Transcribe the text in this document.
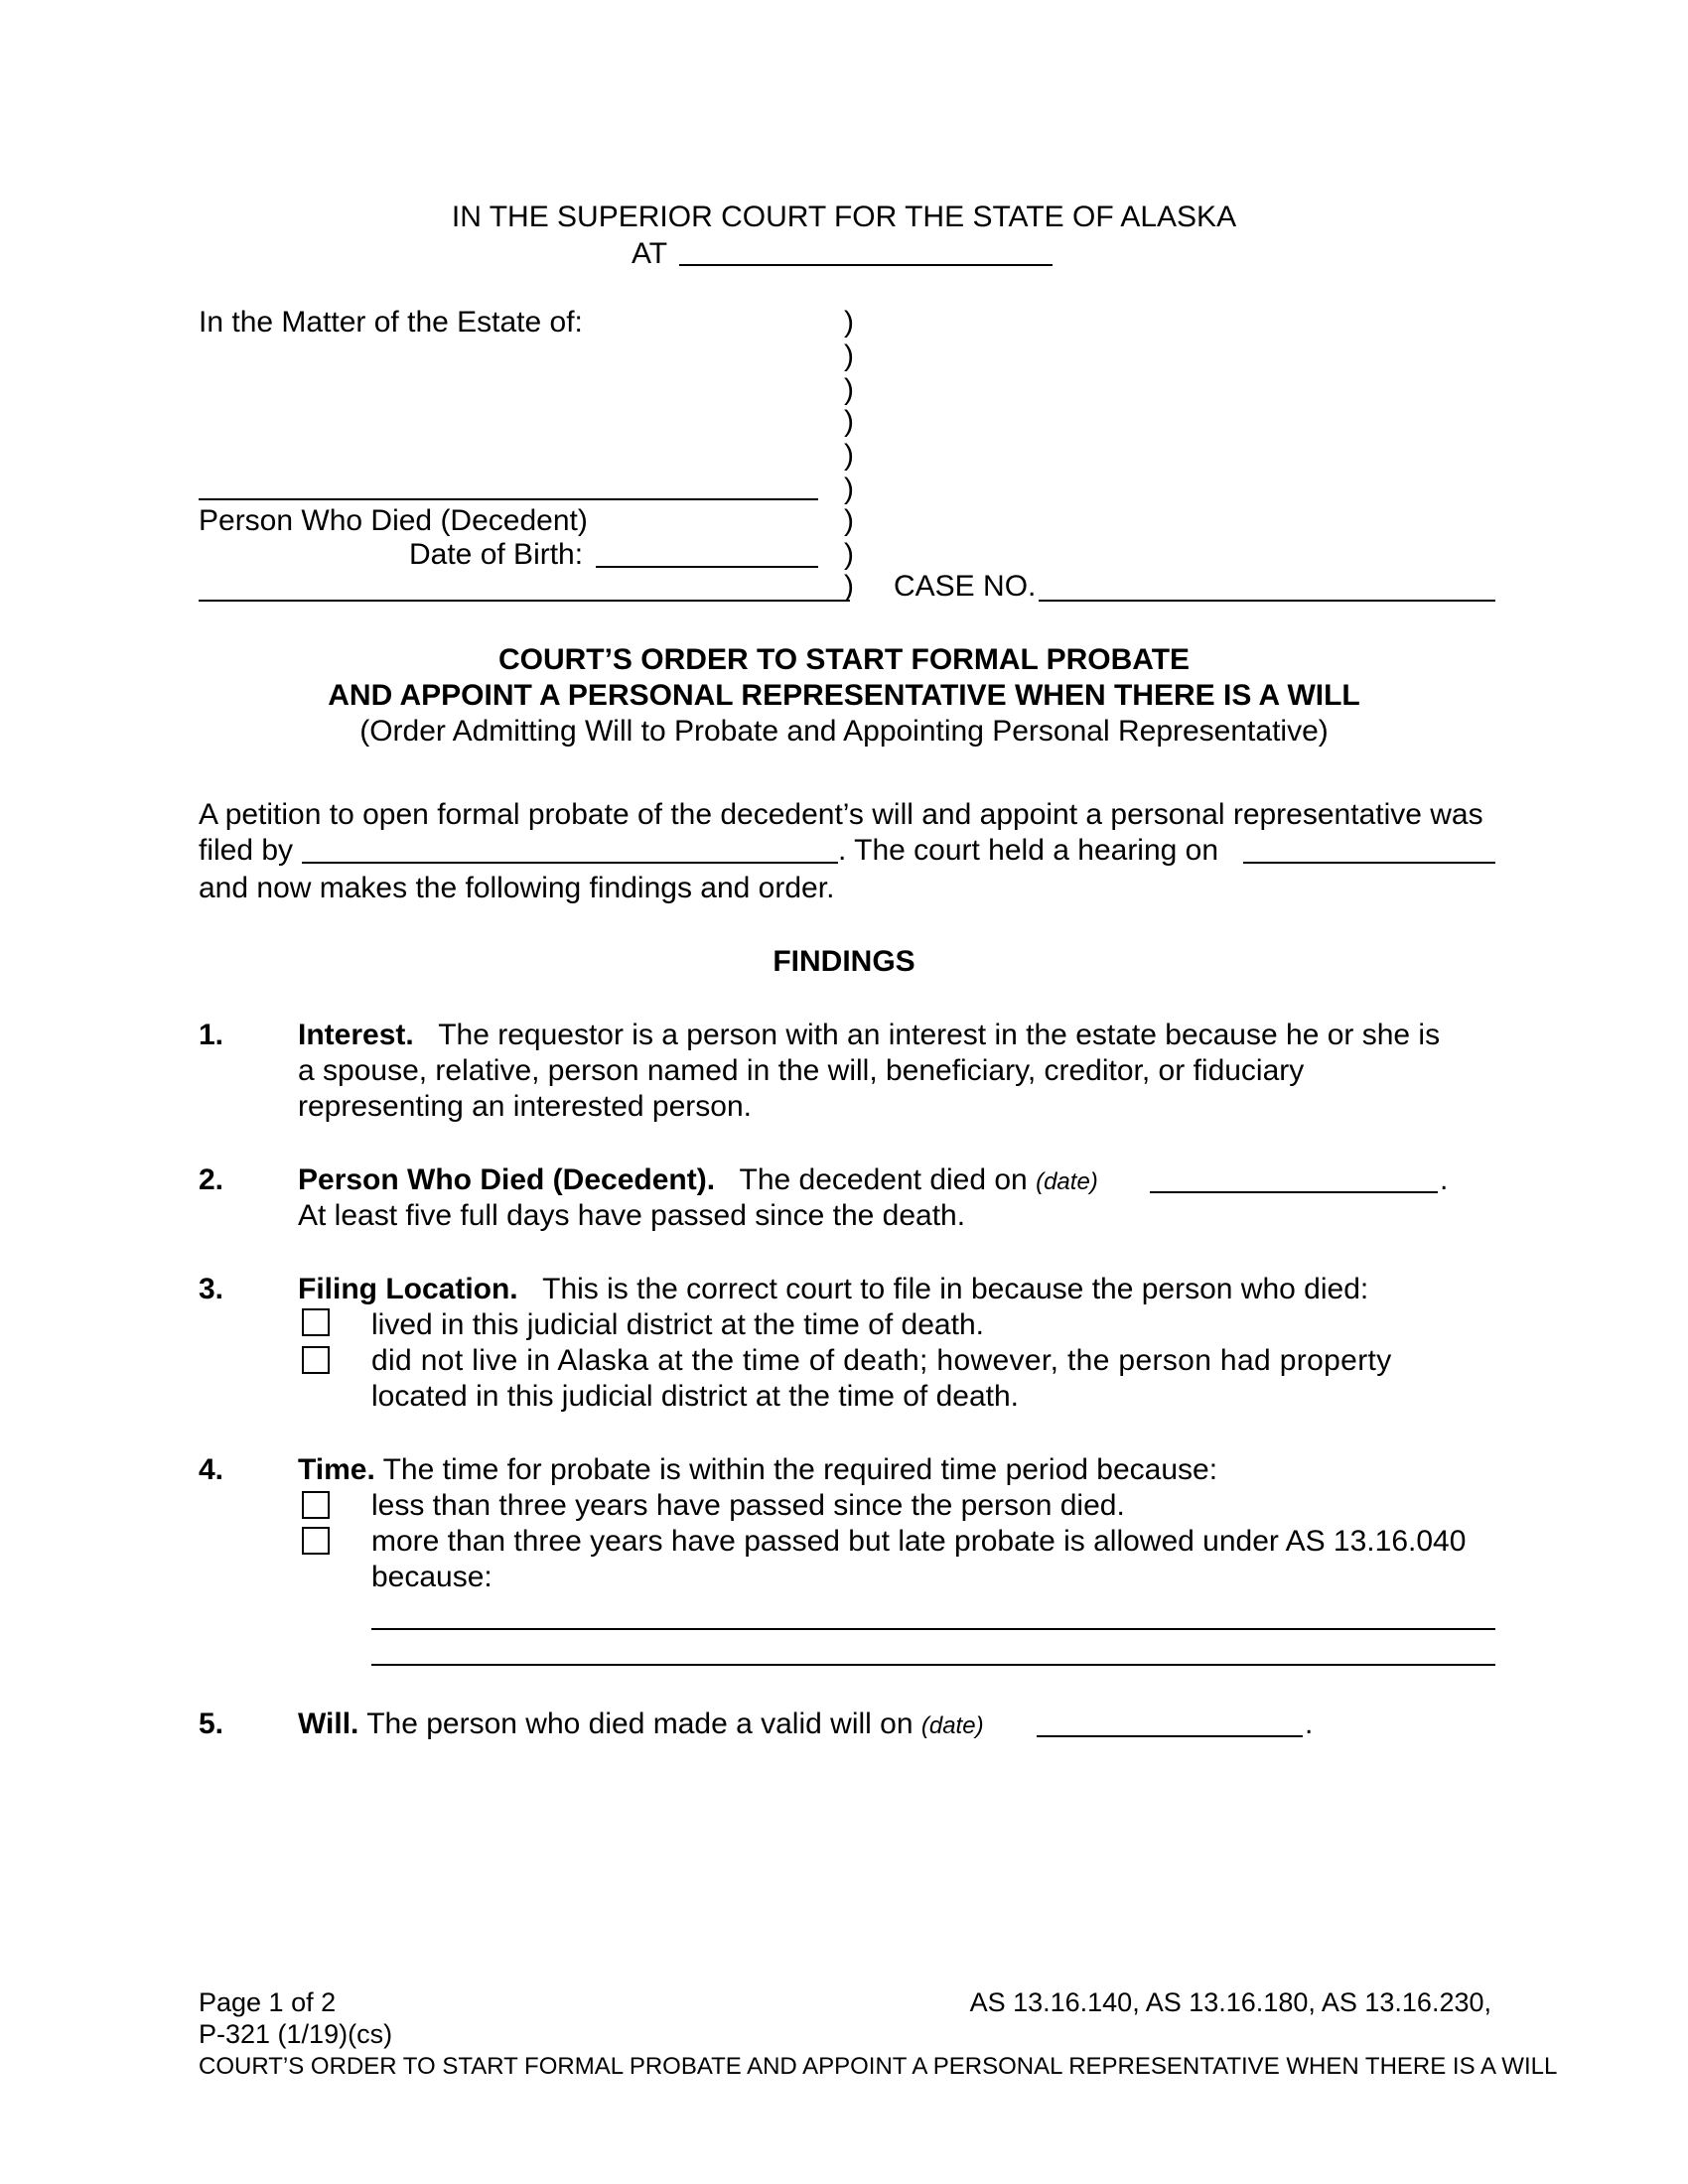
IN THE SUPERIOR COURT FOR THE STATE OF ALASKA
AT
In the Matter of the Estate of:
Person Who Died (Decedent)
Date of Birth:
)
)
)
)
)
)
)
)
) CASE NO.
COURT’S ORDER TO START FORMAL PROBATE
AND APPOINT A PERSONAL REPRESENTATIVE WHEN THERE IS A WILL
(Order Admitting Will to Probate and Appointing Personal Representative)
A petition to open formal probate of the decedent’s will and appoint a personal representative was
filed by	. The court held a hearing on
and now makes the following findings and order.
FINDINGS
1. Interest. The requestor is a person with an interest in the estate because he or she is
a spouse, relative, person named in the will, beneficiary, creditor, or fiduciary
representing an interested person.
2. Person Who Died (Decedent). The decedent died on (date)	.
At least five full days have passed since the death.
3. Filing Location. This is the correct court to file in because the person who died:
lived in this judicial district at the time of death.
did not live in Alaska at the time of death; however, the person had property
located in this judicial district at the time of death.
4. Time. The time for probate is within the required time period because:
less than three years have passed since the person died.
more than three years have passed but late probate is allowed under AS 13.16.040
because:
5. Will. The person who died made a valid will on (date)	.
Page 1 of 2	AS 13.16.140, AS 13.16.180, AS 13.16.230,
P-321 (1/19)(cs)
COURT’S ORDER TO START FORMAL PROBATE AND APPOINT A PERSONAL REPRESENTATIVE WHEN THERE IS A WILL
